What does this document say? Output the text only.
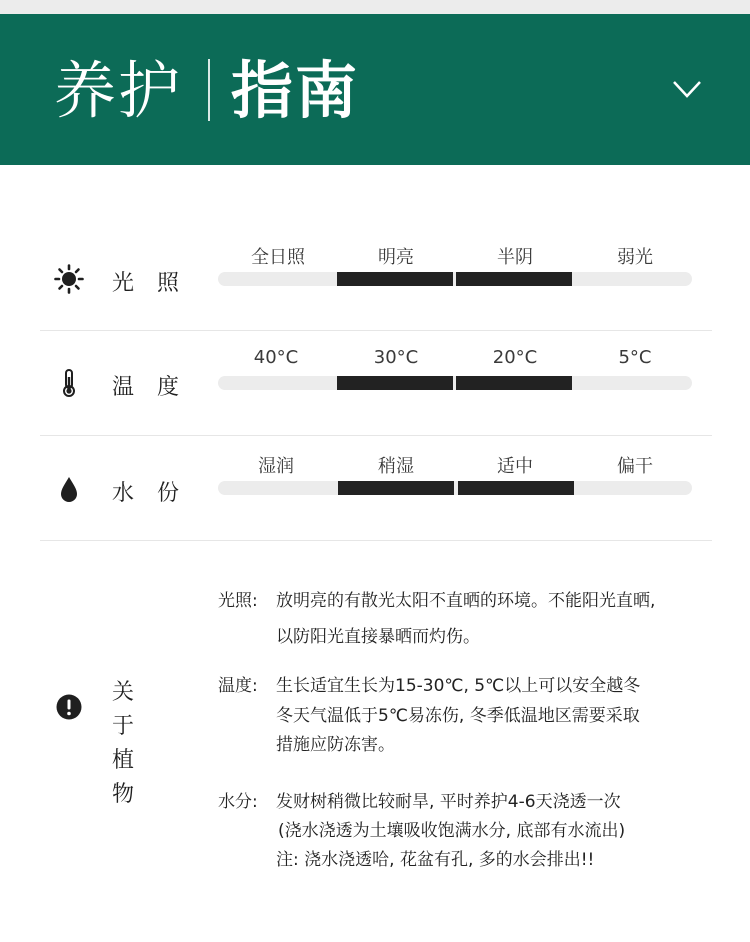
养护 指南
光 照
全日照	明亮	半阴	弱光
温 度
40°C	30°C	20°C	5°C
水 份
湿润	稍湿	适中	偏干
关 于
植 物
光照: 放明亮的有散光太阳不直晒的环境。不能阳光直晒,
以防阳光直接暴晒而灼伤。
温度: 生长适宜生长为15-30℃, 5℃以上可以安全越冬
冬天气温低于5℃易冻伤, 冬季低温地区需要采取
措施应防冻害。
水分: 发财树稍微比较耐旱, 平时养护4-6天浇透一次
(浇水浇透为土壤吸收饱满水分, 底部有水流出)
注: 浇水浇透哈, 花盆有孔, 多的水会排出!!
